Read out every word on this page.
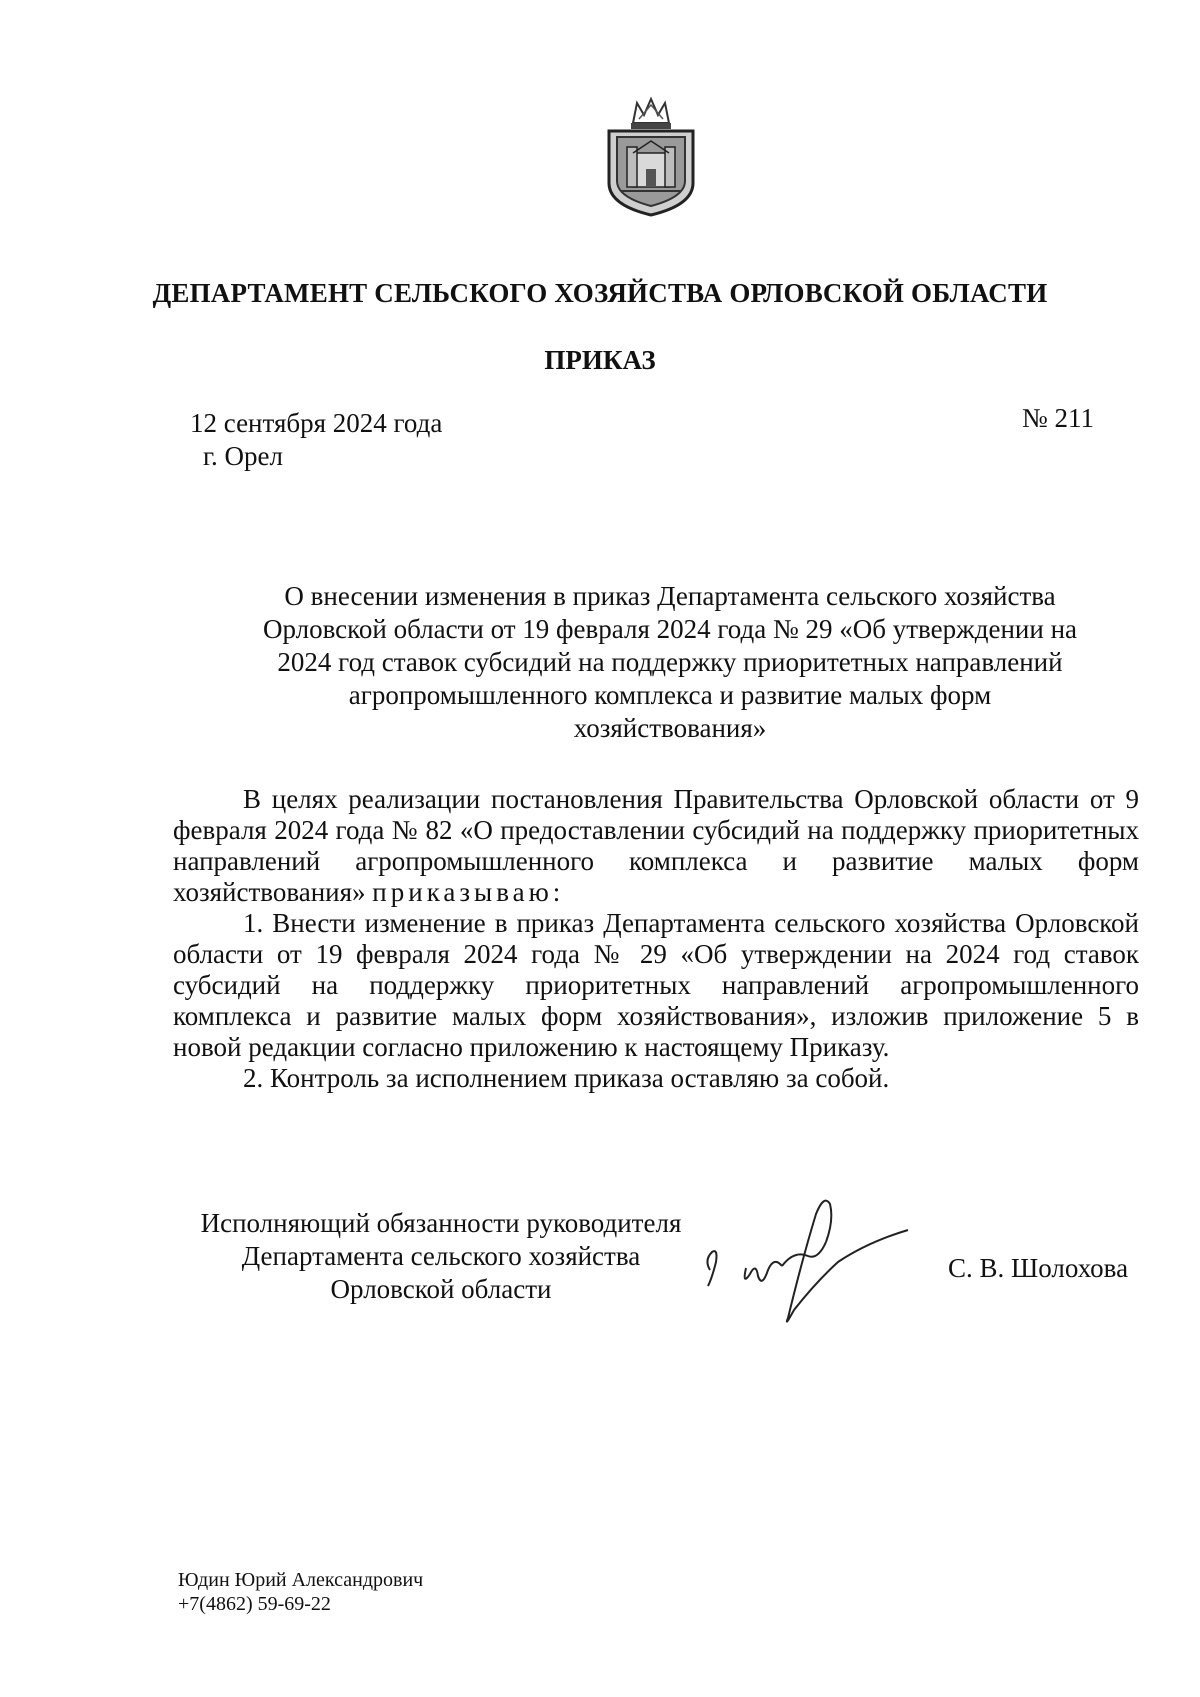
ДЕПАРТАМЕНТ СЕЛЬСКОГО ХОЗЯЙСТВА ОРЛОВСКОЙ ОБЛАСТИ
ПРИКАЗ
12 сентября 2024 года
г. Орел
№ 211
О внесении изменения в приказ Департамента сельского хозяйства Орловской области от 19 февраля 2024 года № 29 «Об утверждении на 2024 год ставок субсидий на поддержку приоритетных направлений агропромышленного комплекса и развитие малых форм хозяйствования»

В целях реализации постановления Правительства Орловской области от 9 февраля 2024 года № 82 «О предоставлении субсидий на поддержку приоритетных направлений агропромышленного комплекса и развитие малых форм хозяйствования» приказываю:

1. Внести изменение в приказ Департамента сельского хозяйства Орловской области от 19 февраля 2024 года № 29 «Об утверждении на 2024 год ставок субсидий на поддержку приоритетных направлений агропромышленного комплекса и развитие малых форм хозяйствования», изложив приложение 5 в новой редакции согласно приложению к настоящему Приказу.

2. Контроль за исполнением приказа оставляю за собой.

Исполняющий обязанности руководителя
Департамента сельского хозяйства
Орловской области
С. В. Шолохова
Юдин Юрий Александрович
+7(4862) 59-69-22
